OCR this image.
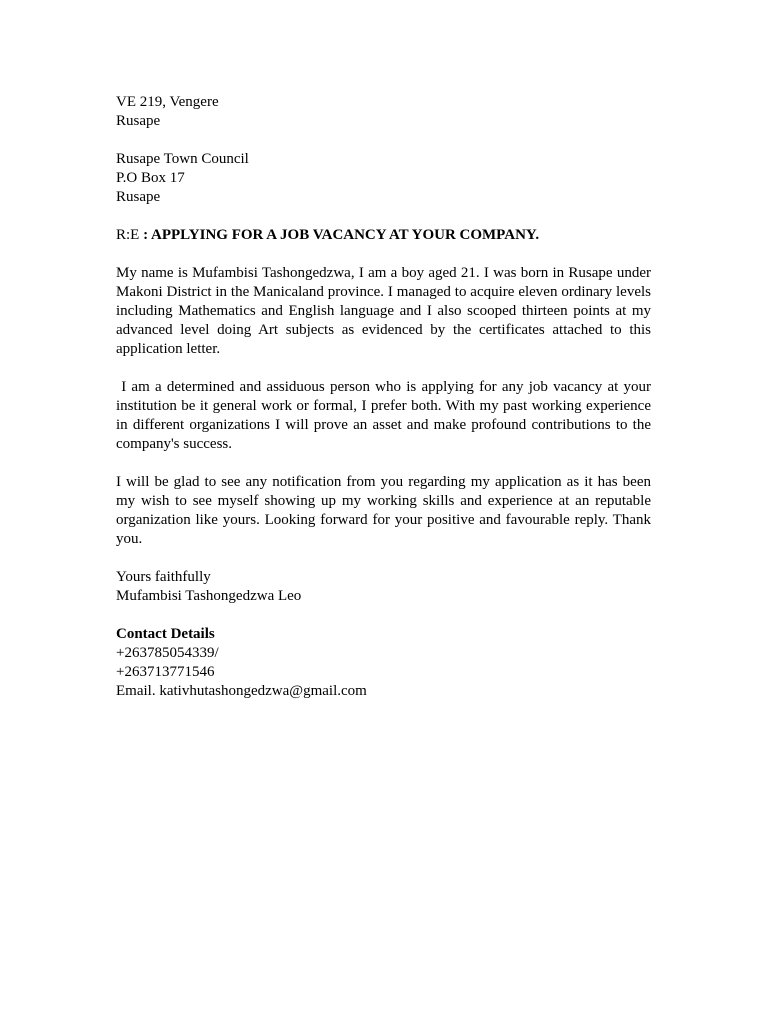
VE 219, Vengere
Rusape
Rusape Town Council
P.O Box 17
Rusape
R:E : APPLYING FOR A JOB VACANCY AT YOUR COMPANY.

My name is Mufambisi Tashongedzwa, I am a boy aged 21. I was born in Rusape under Makoni District in the Manicaland province. I managed to acquire eleven ordinary levels including Mathematics and English language and I also scooped thirteen points at my advanced level doing Art subjects as evidenced by the certificates attached to this application letter.

I am a determined and assiduous person who is applying for any job vacancy at your institution be it general work or formal, I prefer both. With my past working experience in different organizations I will prove an asset and make profound contributions to the company's success.

I will be glad to see any notification from you regarding my application as it has been my wish to see myself showing up my working skills and experience at an reputable organization like yours. Looking forward for your positive and favourable reply. Thank you.

Yours faithfully
Mufambisi Tashongedzwa Leo
Contact Details
+263785054339/
+263713771546
Email. kativhutashongedzwa@gmail.com
